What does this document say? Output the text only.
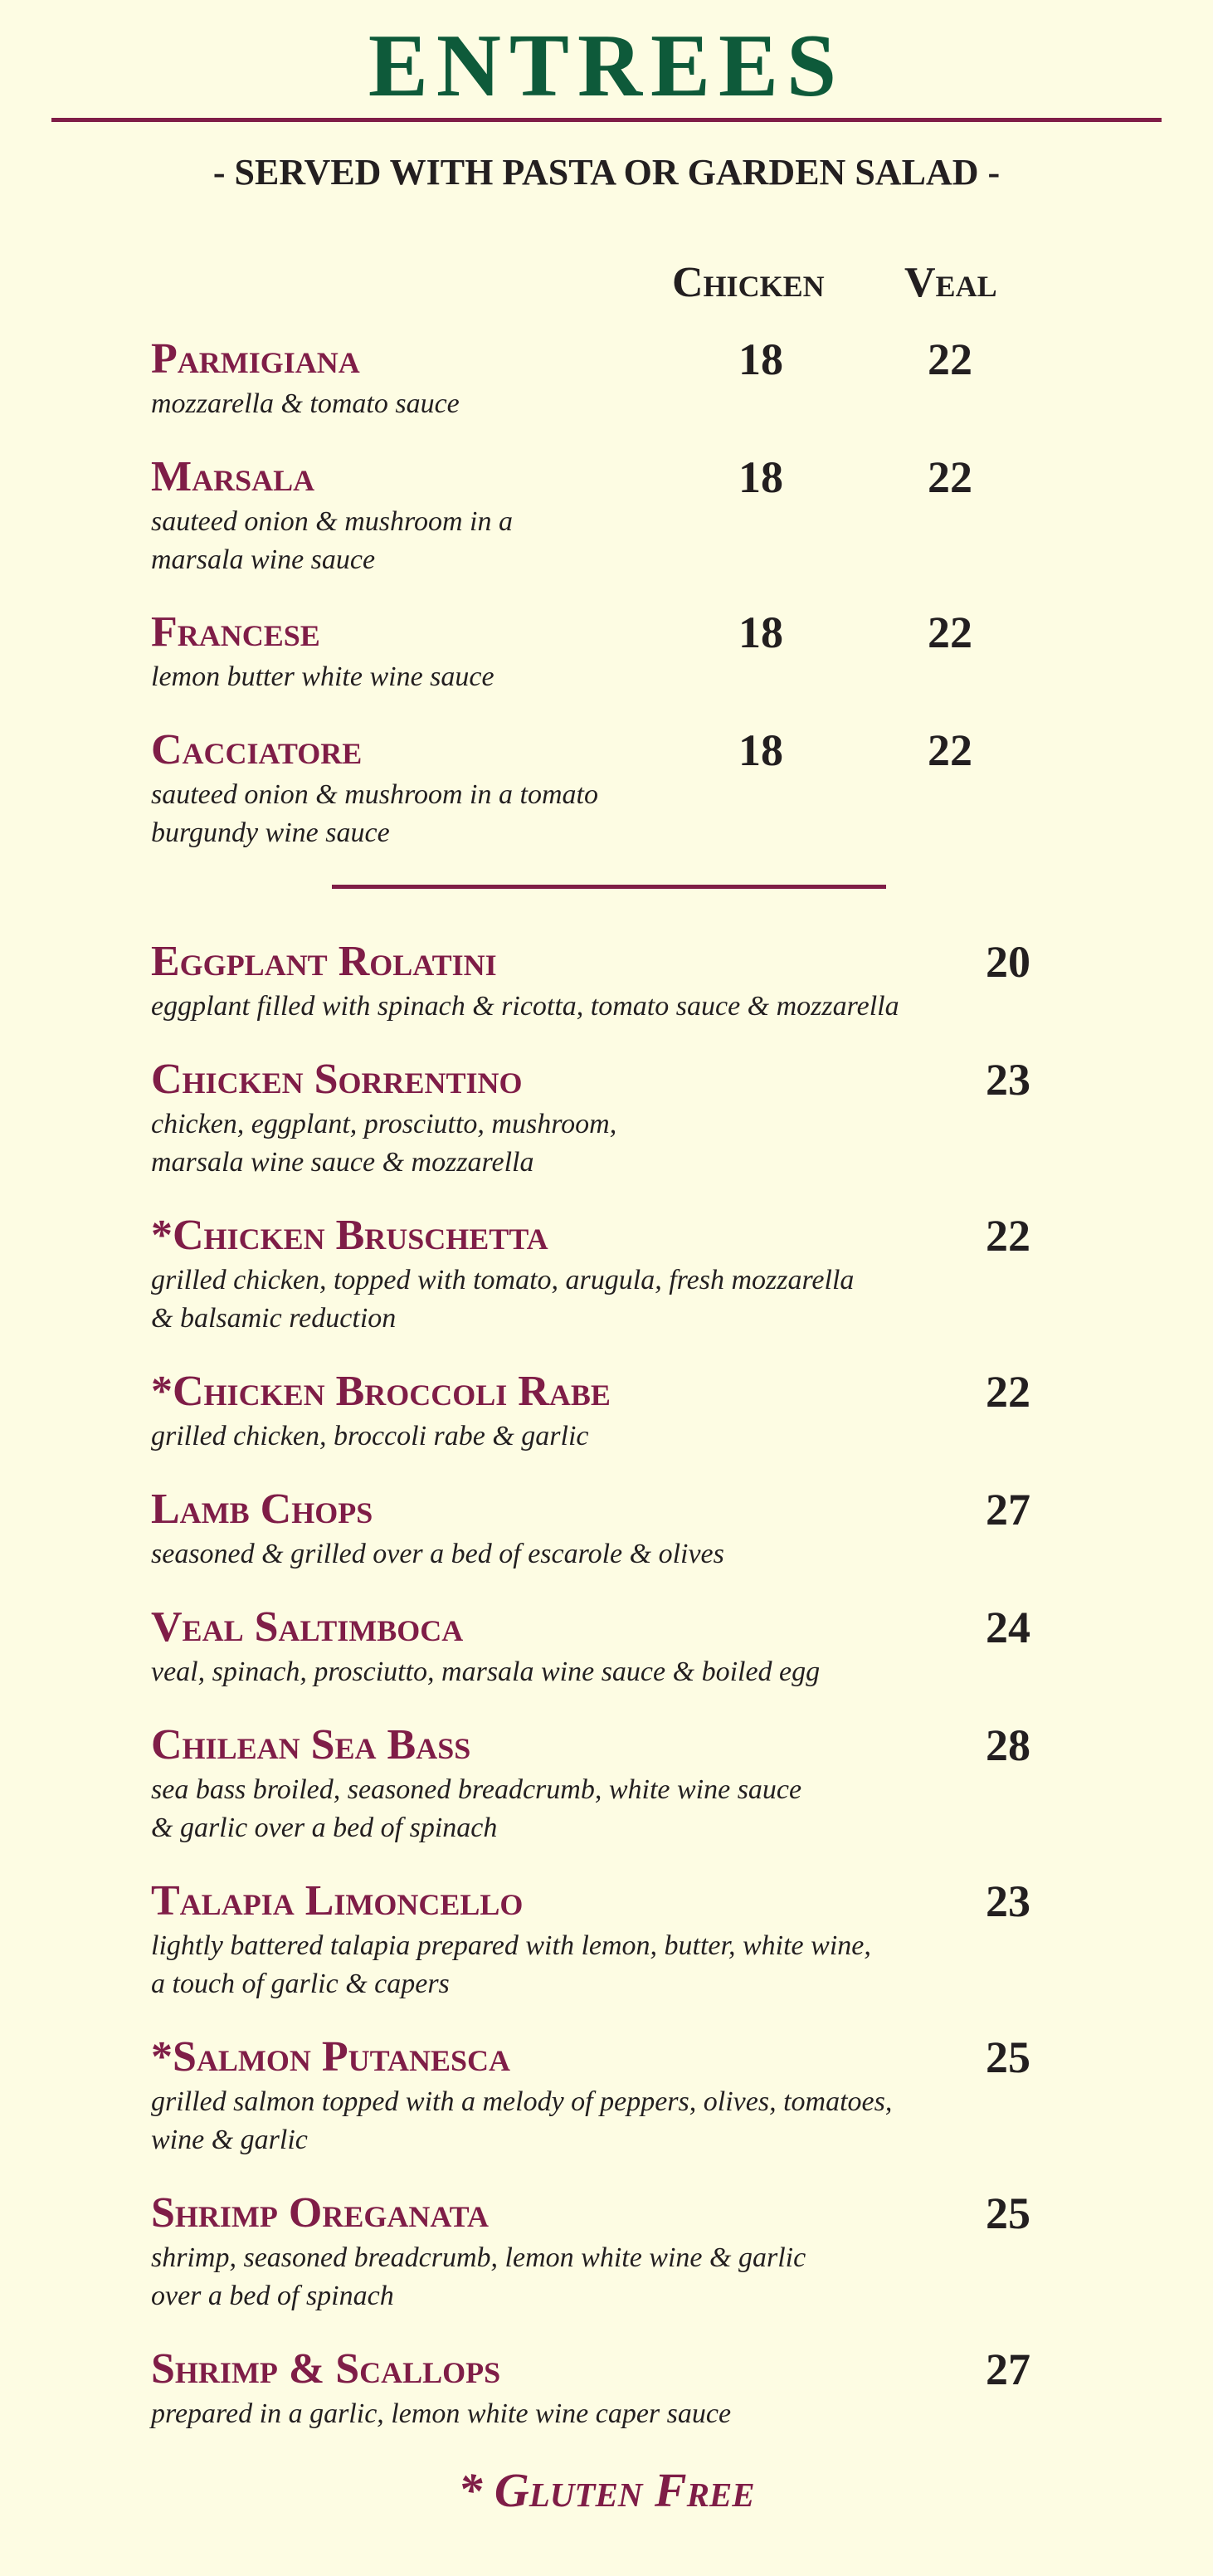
ENTREES
- SERVED WITH PASTA OR GARDEN SALAD -
Chicken Veal
Parmigiana
mozzarella & tomato sauce
18	22
Marsala
sauteed onion & mushroom in a
marsala wine sauce
18	22
Francese
lemon butter white wine sauce
18	22
Cacciatore
sauteed onion & mushroom in a tomato
burgundy wine sauce
18	22
Eggplant Rolatini
eggplant filled with spinach & ricotta, tomato sauce & mozzarella
20
Chicken Sorrentino
chicken, eggplant, prosciutto, mushroom,
marsala wine sauce & mozzarella
23
*Chicken Bruschetta
grilled chicken, topped with tomato, arugula, fresh mozzarella
& balsamic reduction
22
*Chicken Broccoli Rabe
grilled chicken, broccoli rabe & garlic
22
Lamb Chops
seasoned & grilled over a bed of escarole & olives
27
Veal Saltimboca
veal, spinach, prosciutto, marsala wine sauce & boiled egg
24
Chilean Sea Bass
sea bass broiled, seasoned breadcrumb, white wine sauce
& garlic over a bed of spinach
28
Talapia Limoncello
lightly battered talapia prepared with lemon, butter, white wine,
a touch of garlic & capers
23
*Salmon Putanesca
grilled salmon topped with a melody of peppers, olives, tomatoes,
wine & garlic
25
Shrimp Oreganata
shrimp, seasoned breadcrumb, lemon white wine & garlic
over a bed of spinach
25
Shrimp & Scallops
prepared in a garlic, lemon white wine caper sauce
27
* Gluten Free
